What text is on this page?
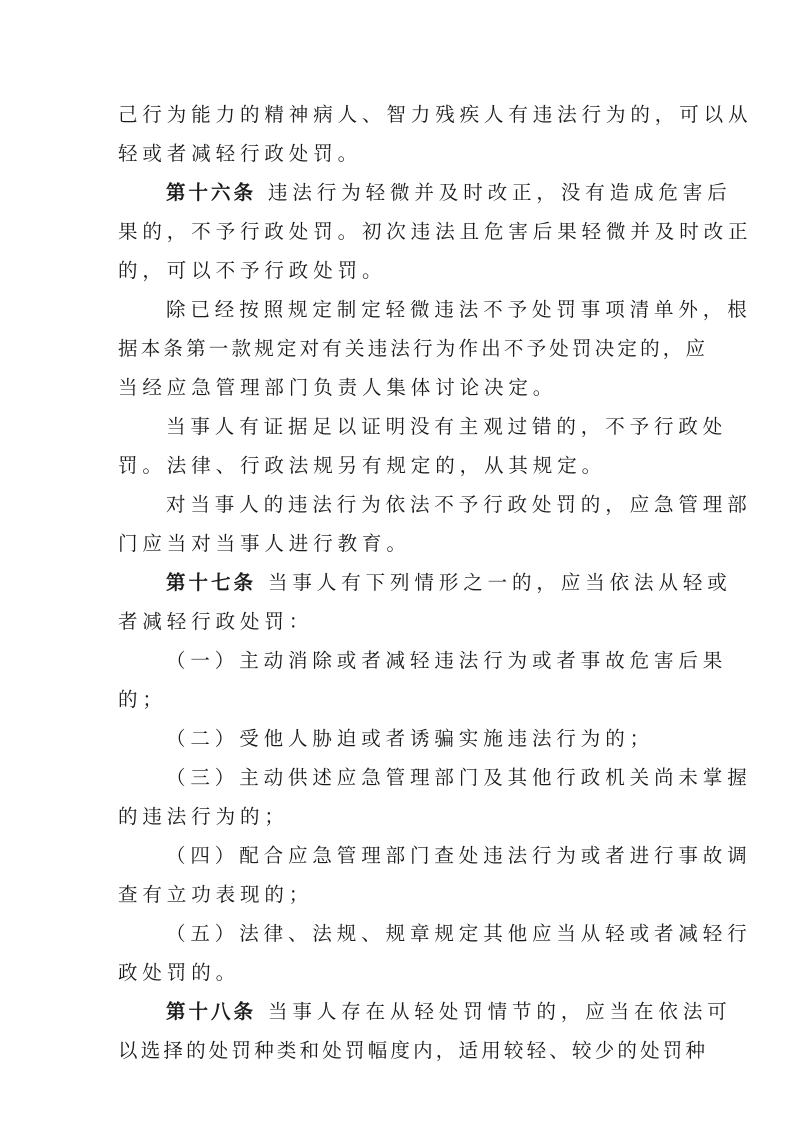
己行为能力的精神病人、智力残疾人有违法行为的，可以从
轻或者减轻行政处罚。
第十六条 违法行为轻微并及时改正，没有造成危害后
果的，不予行政处罚。初次违法且危害后果轻微并及时改正
的，可以不予行政处罚。
除已经按照规定制定轻微违法不予处罚事项清单外，根
据本条第一款规定对有关违法行为作出不予处罚决定的，应
当经应急管理部门负责人集体讨论决定。
当事人有证据足以证明没有主观过错的，不予行政处
罚。法律、行政法规另有规定的，从其规定。
对当事人的违法行为依法不予行政处罚的，应急管理部
门应当对当事人进行教育。
第十七条 当事人有下列情形之一的，应当依法从轻或
者减轻行政处罚：
（一）主动消除或者减轻违法行为或者事故危害后果
的；
（二）受他人胁迫或者诱骗实施违法行为的；
（三）主动供述应急管理部门及其他行政机关尚未掌握
的违法行为的；
（四）配合应急管理部门查处违法行为或者进行事故调
查有立功表现的；
（五）法律、法规、规章规定其他应当从轻或者减轻行
政处罚的。
第十八条 当事人存在从轻处罚情节的，应当在依法可
以选择的处罚种类和处罚幅度内，适用较轻、较少的处罚种
